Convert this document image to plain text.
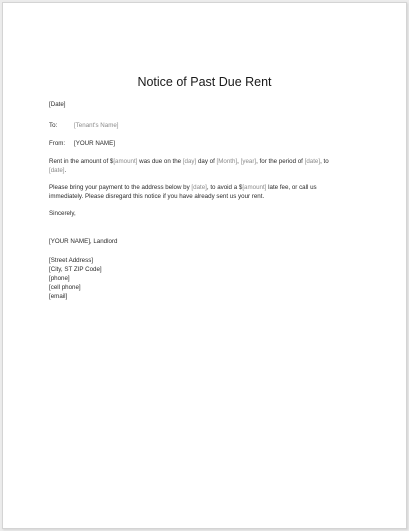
Notice of Past Due Rent
[Date]
To:	[Tenant's Name]
From: [YOUR NAME]
Rent in the amount of $[amount] was due on the [day] day of [Month], [year], for the period of [date], to
[date].
Please bring your payment to the address below by [date], to avoid a $[amount] late fee, or call us
immediately. Please disregard this notice if you have already sent us your rent.
Sincerely,
[YOUR NAME], Landlord
[Street Address]
[City, ST ZIP Code]
[phone]
[cell phone]
[email]
